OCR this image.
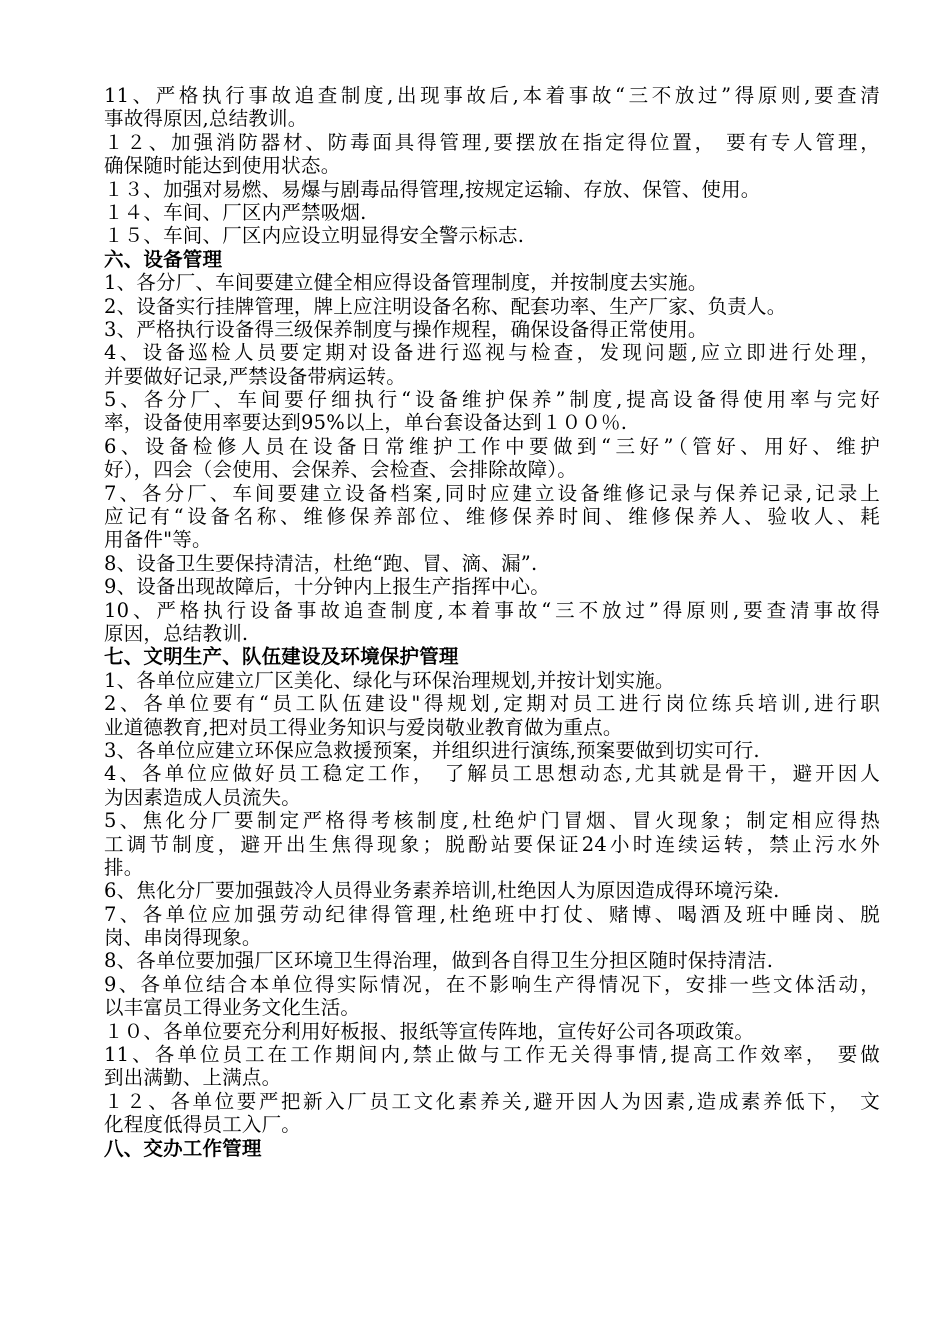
11、严格执行事故追查制度,出现事故后,本着事故“三不放过”得原则,要查清
事故得原因,总结教训。
１２、加强消防器材、防毒面具得管理,要摆放在指定得位置， 要有专人管理，
确保随时能达到使用状态。
１３、加强对易燃、易爆与剧毒品得管理,按规定运输、存放、保管、使用。
１４、车间、厂区内严禁吸烟.
１５、车间、厂区内应设立明显得安全警示标志.
六、设备管理
1、各分厂、车间要建立健全相应得设备管理制度，并按制度去实施。
2、设备实行挂牌管理，牌上应注明设备名称、配套功率、生产厂家、负责人。
3、严格执行设备得三级保养制度与操作规程，确保设备得正常使用。
4、设备巡检人员要定期对设备进行巡视与检查，发现问题,应立即进行处理，
并要做好记录,严禁设备带病运转。
5、各分厂、车间要仔细执行“设备维护保养”制度,提高设备得使用率与完好
率，设备使用率要达到95%以上，单台套设备达到１００％.
6、设备检修人员在设备日常维护工作中要做到“三好”（管好、用好、维护
好），四会（会使用、会保养、会检查、会排除故障）。
7、各分厂、车间要建立设备档案,同时应建立设备维修记录与保养记录,记录上
应记有“设备名称、维修保养部位、维修保养时间、维修保养人、验收人、耗
用备件"等。
8、设备卫生要保持清洁，杜绝“跑、冒、滴、漏”.
9、设备出现故障后，十分钟内上报生产指挥中心。
10、严格执行设备事故追查制度,本着事故“三不放过”得原则,要查清事故得
原因，总结教训.
七、文明生产、队伍建设及环境保护管理
1、各单位应建立厂区美化、绿化与环保治理规划,并按计划实施。
2、各单位要有“员工队伍建设"得规划,定期对员工进行岗位练兵培训,进行职
业道德教育,把对员工得业务知识与爱岗敬业教育做为重点。
3、各单位应建立环保应急救援预案，并组织进行演练,预案要做到切实可行.
4、各单位应做好员工稳定工作， 了解员工思想动态,尤其就是骨干，避开因人
为因素造成人员流失。
5、焦化分厂要制定严格得考核制度,杜绝炉门冒烟、冒火现象；制定相应得热
工调节制度，避开出生焦得现象；脱酚站要保证24小时连续运转，禁止污水外
排。
6、焦化分厂要加强鼓冷人员得业务素养培训,杜绝因人为原因造成得环境污染.
7、各单位应加强劳动纪律得管理,杜绝班中打仗、赌博、喝酒及班中睡岗、脱
岗、串岗得现象。
8、各单位要加强厂区环境卫生得治理，做到各自得卫生分担区随时保持清洁.
9、各单位结合本单位得实际情况，在不影响生产得情况下，安排一些文体活动，
以丰富员工得业务文化生活。
１０、各单位要充分利用好板报、报纸等宣传阵地，宣传好公司各项政策。
11、各单位员工在工作期间内,禁止做与工作无关得事情,提高工作效率， 要做
到出满勤、上满点。
１２、各单位要严把新入厂员工文化素养关,避开因人为因素,造成素养低下， 文
化程度低得员工入厂。
八、交办工作管理
